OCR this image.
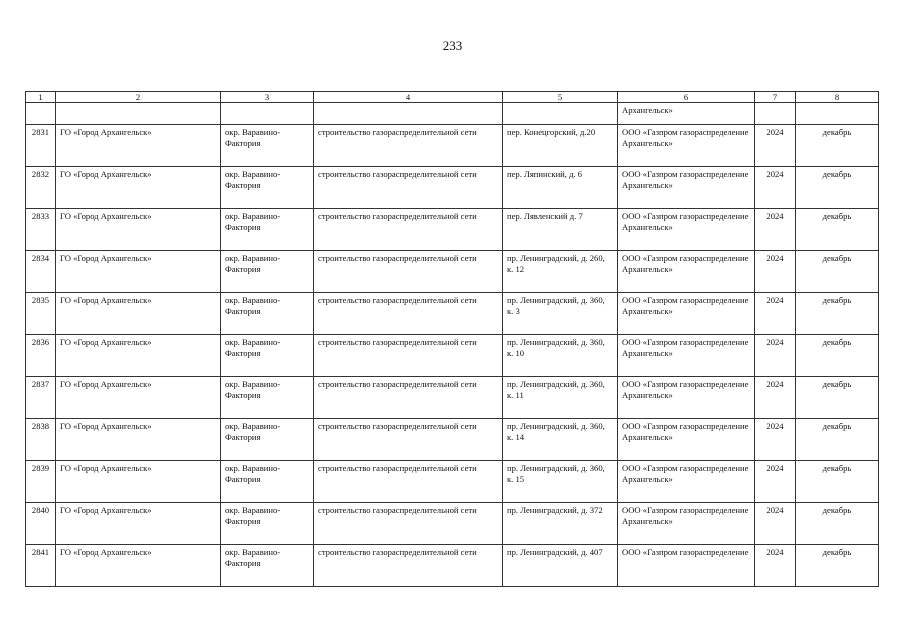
233
1	2	3	4	5	6	7	8
					Архангельск»		
2831	ГО «Город Архангельск»	окр. Варавино-Фактория	строительство газораспределительной сети	пер. Конецгорский, д.20	ООО «Газпром газораспределение Архангельск»	2024	декабрь
2832	ГО «Город Архангельск»	окр. Варавино-Фактория	строительство газораспределительной сети	пер. Ляпинский, д. 6	ООО «Газпром газораспределение Архангельск»	2024	декабрь
2833	ГО «Город Архангельск»	окр. Варавино-Фактория	строительство газораспределительной сети	пер. Лявленский д. 7	ООО «Газпром газораспределение Архангельск»	2024	декабрь
2834	ГО «Город Архангельск»	окр. Варавино-Фактория	строительство газораспределительной сети	пр. Ленинградский, д. 260, к. 12	ООО «Газпром газораспределение Архангельск»	2024	декабрь
2835	ГО «Город Архангельск»	окр. Варавино-Фактория	строительство газораспределительной сети	пр. Ленинградский, д. 360, к. 3	ООО «Газпром газораспределение Архангельск»	2024	декабрь
2836	ГО «Город Архангельск»	окр. Варавино-Фактория	строительство газораспределительной сети	пр. Ленинградский, д. 360, к. 10	ООО «Газпром газораспределение Архангельск»	2024	декабрь
2837	ГО «Город Архангельск»	окр. Варавино-Фактория	строительство газораспределительной сети	пр. Ленинградский, д. 360, к. 11	ООО «Газпром газораспределение Архангельск»	2024	декабрь
2838	ГО «Город Архангельск»	окр. Варавино-Фактория	строительство газораспределительной сети	пр. Ленинградский, д. 360, к. 14	ООО «Газпром газораспределение Архангельск»	2024	декабрь
2839	ГО «Город Архангельск»	окр. Варавино-Фактория	строительство газораспределительной сети	пр. Ленинградский, д. 360, к. 15	ООО «Газпром газораспределение Архангельск»	2024	декабрь
2840	ГО «Город Архангельск»	окр. Варавино-Фактория	строительство газораспределительной сети	пр. Ленинградский, д. 372	ООО «Газпром газораспределение Архангельск»	2024	декабрь
2841	ГО «Город Архангельск»	окр. Варавино-Фактория	строительство газораспределительной сети	пр. Ленинградский, д. 407	ООО «Газпром газораспределение	2024	декабрь
